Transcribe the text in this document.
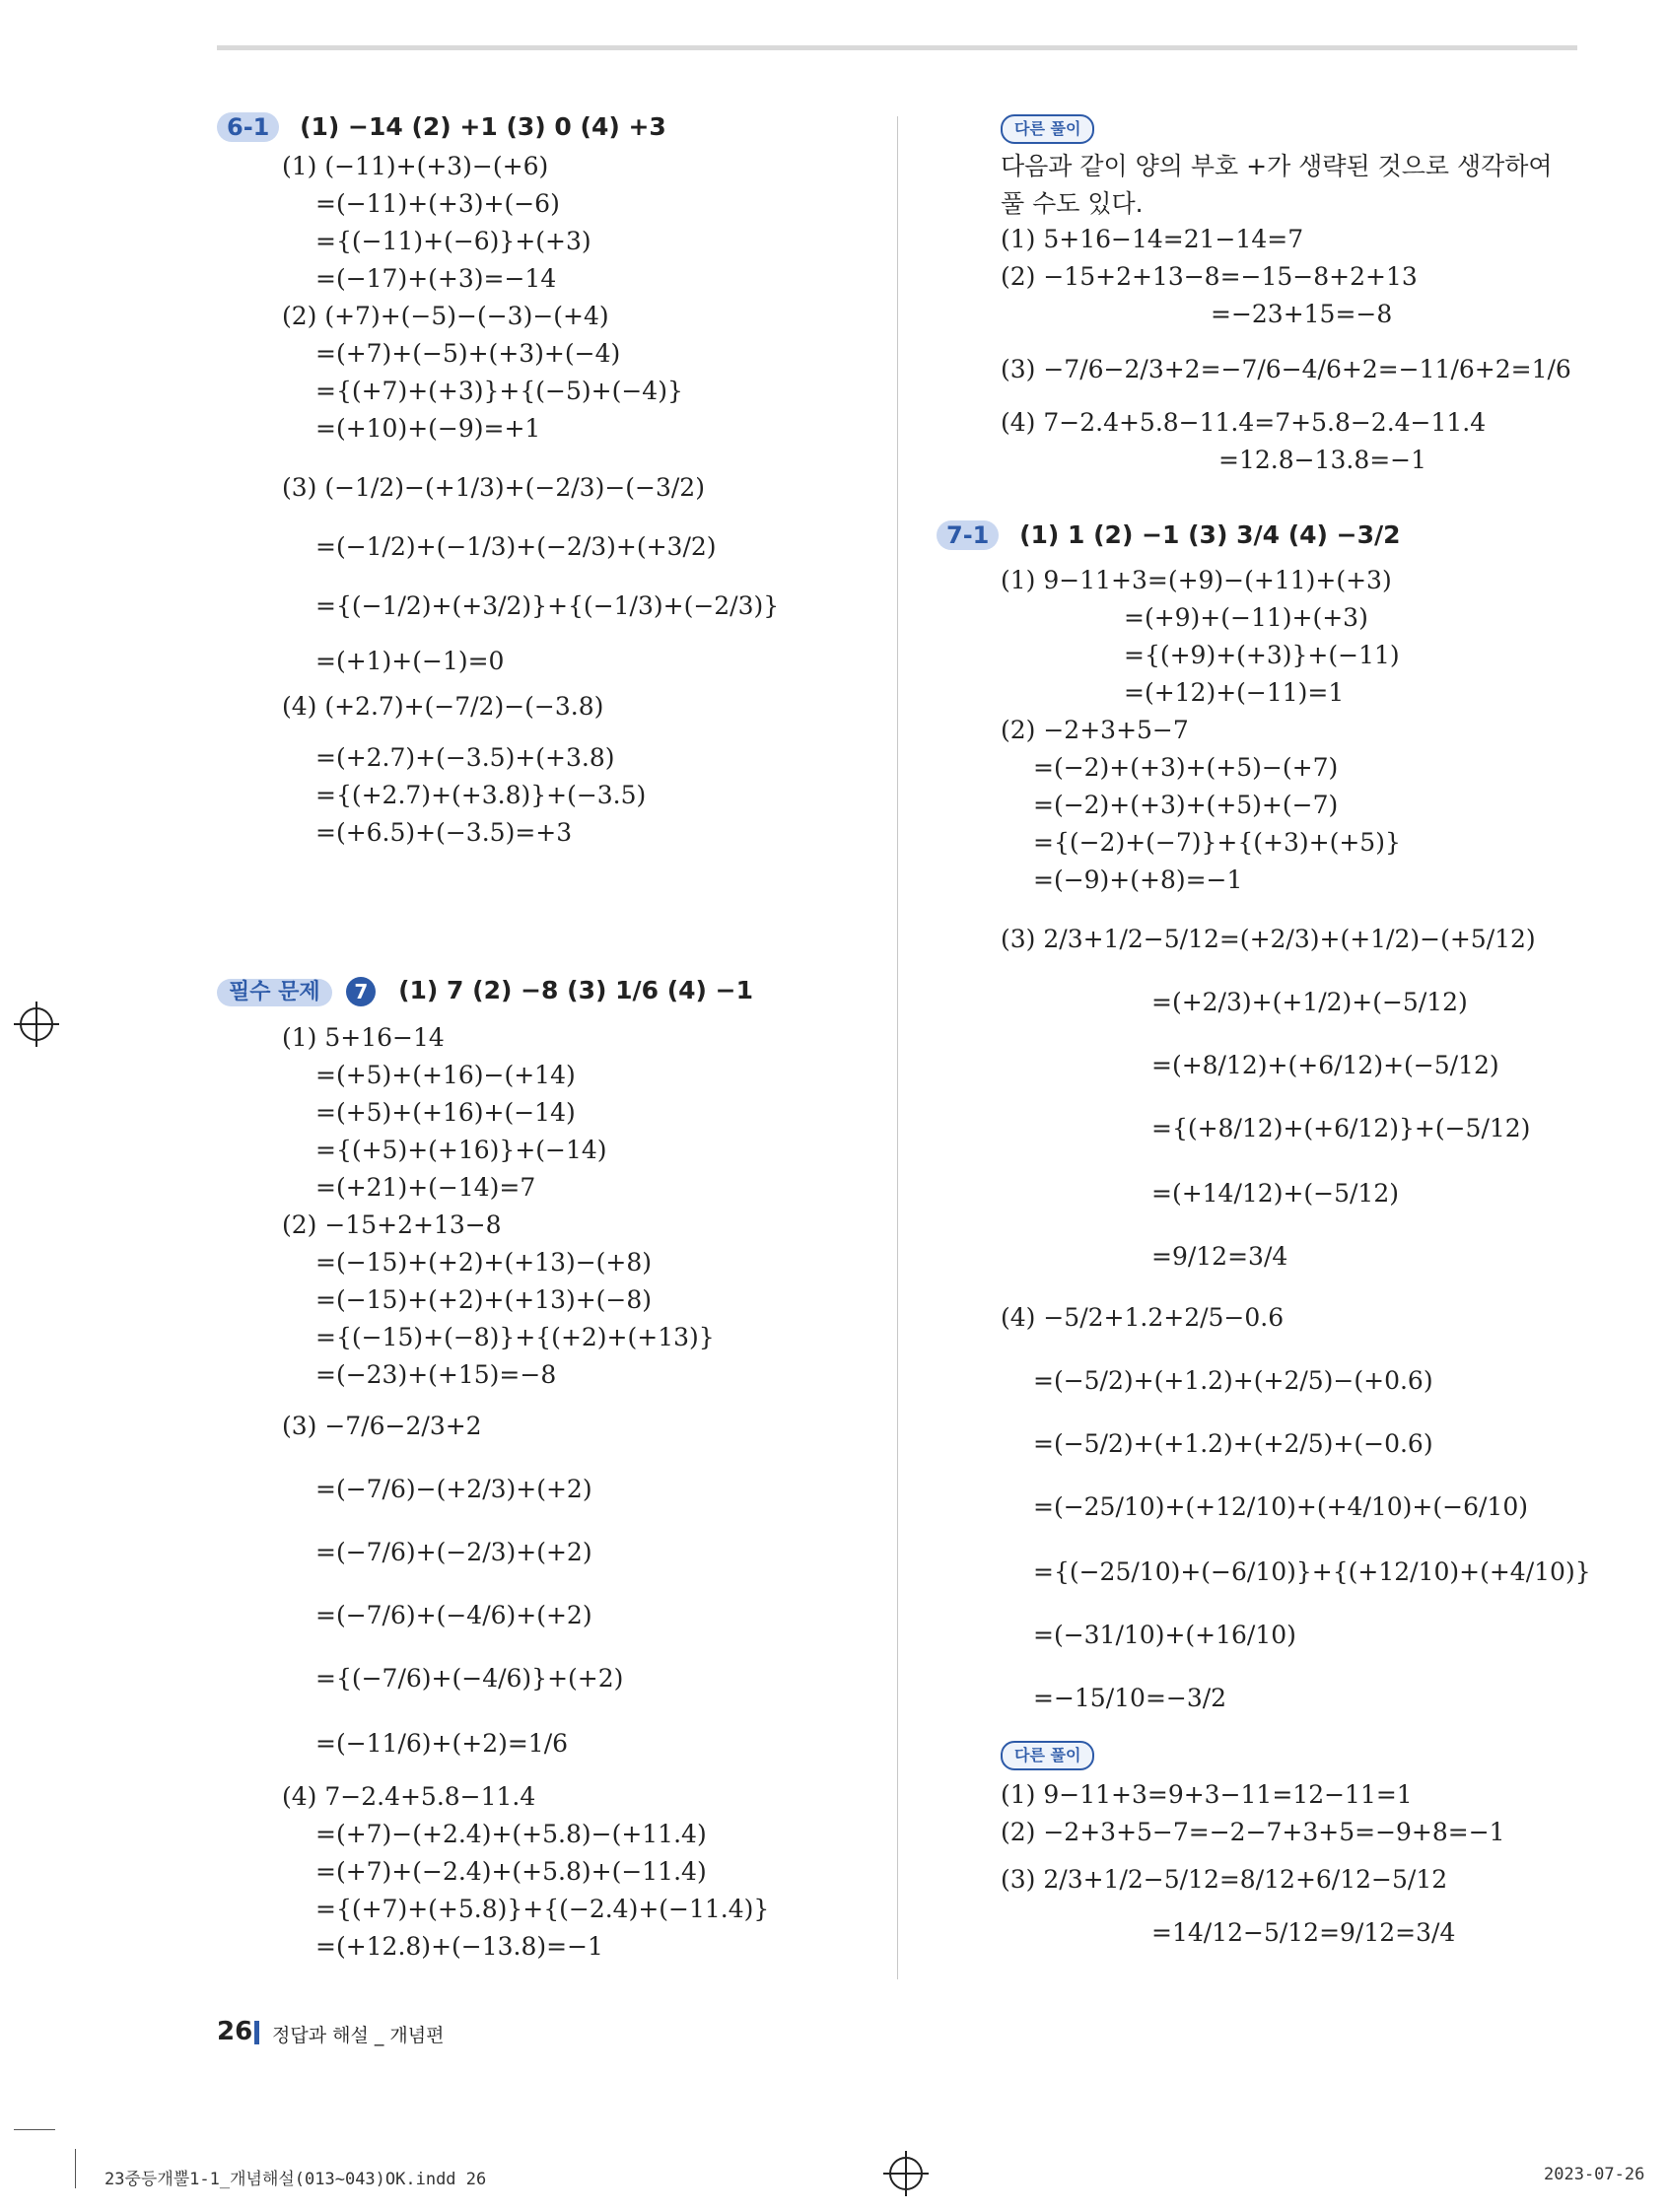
6-1 (1) −14 (2) +1 (3) 0 (4) +3
(1) (−11)+(+3)−(+6)
=(−11)+(+3)+(−6)
={(−11)+(−6)}+(+3)
=(−17)+(+3)=−14
(2) (+7)+(−5)−(−3)−(+4)
=(+7)+(−5)+(+3)+(−4)
={(+7)+(+3)}+{(−5)+(−4)}
=(+10)+(−9)=+1
(3) (−1/2)−(+1/3)+(−2/3)−(−3/2)
=(−1/2)+(−1/3)+(−2/3)+(+3/2)
={(−1/2)+(+3/2)}+{(−1/3)+(−2/3)}
=(+1)+(−1)=0
(4) (+2.7)+(−7/2)−(−3.8)
=(+2.7)+(−3.5)+(+3.8)
={(+2.7)+(+3.8)}+(−3.5)
=(+6.5)+(−3.5)=+3
필수 문제 7 (1) 7 (2) −8 (3) 1/6 (4) −1
(1) 5+16−14
=(+5)+(+16)−(+14)
=(+5)+(+16)+(−14)
={(+5)+(+16)}+(−14)
=(+21)+(−14)=7
(2) −15+2+13−8
=(−15)+(+2)+(+13)−(+8)
=(−15)+(+2)+(+13)+(−8)
={(−15)+(−8)}+{(+2)+(+13)}
=(−23)+(+15)=−8
(3) −7/6−2/3+2
=(−7/6)−(+2/3)+(+2)
=(−7/6)+(−2/3)+(+2)
=(−7/6)+(−4/6)+(+2)
={(−7/6)+(−4/6)}+(+2)
=(−11/6)+(+2)=1/6
(4) 7−2.4+5.8−11.4
=(+7)−(+2.4)+(+5.8)−(+11.4)
=(+7)+(−2.4)+(+5.8)+(−11.4)
={(+7)+(+5.8)}+{(−2.4)+(−11.4)}
=(+12.8)+(−13.8)=−1
다른 풀이
다음과 같이 양의 부호 +가 생략된 것으로 생각하여 풀 수도 있다.
(1) 5+16−14=21−14=7
(2) −15+2+13−8=−15−8+2+13
=−23+15=−8
(3) −7/6−2/3+2=−7/6−4/6+2=−11/6+2=1/6
(4) 7−2.4+5.8−11.4=7+5.8−2.4−11.4
=12.8−13.8=−1
7-1 (1) 1 (2) −1 (3) 3/4 (4) −3/2
(1) 9−11+3=(+9)−(+11)+(+3)
=(+9)+(−11)+(+3)
={(+9)+(+3)}+(−11)
=(+12)+(−11)=1
(2) −2+3+5−7
=(−2)+(+3)+(+5)−(+7)
=(−2)+(+3)+(+5)+(−7)
={(−2)+(−7)}+{(+3)+(+5)}
=(−9)+(+8)=−1
(3) 2/3+1/2−5/12=(+2/3)+(+1/2)−(+5/12)
=(+2/3)+(+1/2)+(−5/12)
=(+8/12)+(+6/12)+(−5/12)
={(+8/12)+(+6/12)}+(−5/12)
=(+14/12)+(−5/12)
=9/12=3/4
(4) −5/2+1.2+2/5−0.6
=(−5/2)+(+1.2)+(+2/5)−(+0.6)
=(−5/2)+(+1.2)+(+2/5)+(−0.6)
=(−25/10)+(+12/10)+(+4/10)+(−6/10)
={(−25/10)+(−6/10)}+{(+12/10)+(+4/10)}
=(−31/10)+(+16/10)
=−15/10=−3/2
다른 풀이
(1) 9−11+3=9+3−11=12−11=1
(2) −2+3+5−7=−2−7+3+5=−9+8=−1
(3) 2/3+1/2−5/12=8/12+6/12−5/12
=14/12−5/12=9/12=3/4
26 정답과 해설 _ 개념편
23중등개뿔1-1_개념해설(013~043)OK.indd 26	2023-07-26
